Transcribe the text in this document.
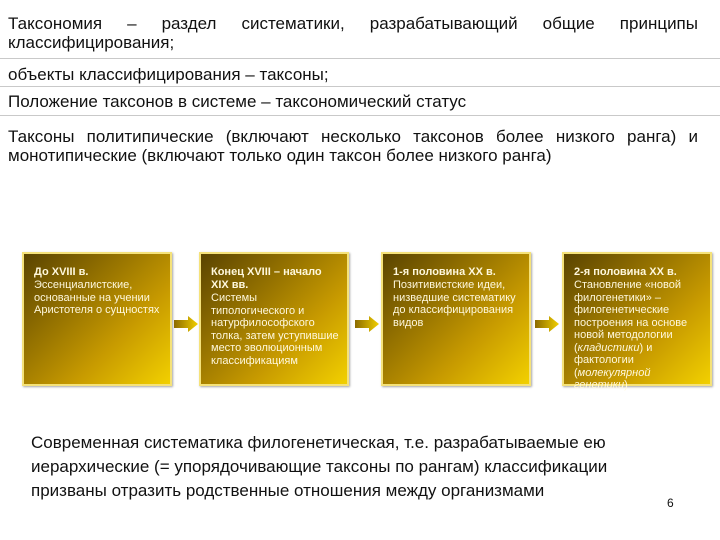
Таксономия – раздел систематики, разрабатывающий общие принципы классифицирования;
объекты классифицирования – таксоны;
Положение таксонов в системе – таксономический статус
Таксоны политипические (включают несколько таксонов более низкого ранга) и монотипические (включают только один таксон более низкого ранга)
До XVIII в.
Эссенциалистские, основанные на учении Аристотеля о сущностях
Конец XVIII – начало XIX вв.
Системы типологического и натурфилософского толка, затем уступившие место эволюционным классификациям
1-я половина XX в.
Позитивистские идеи, низведшие систематику до классифицирования видов
2-я половина XX в.
Становление «новой филогенетики» – филогенетические построения на основе новой методологии (кладистики) и фактологии (молекулярной генетики)
Современная систематика филогенетическая, т.е. разрабатываемые ею иерархические (= упорядочивающие таксоны по рангам) классификации призваны отразить родственные отношения между организмами
6
